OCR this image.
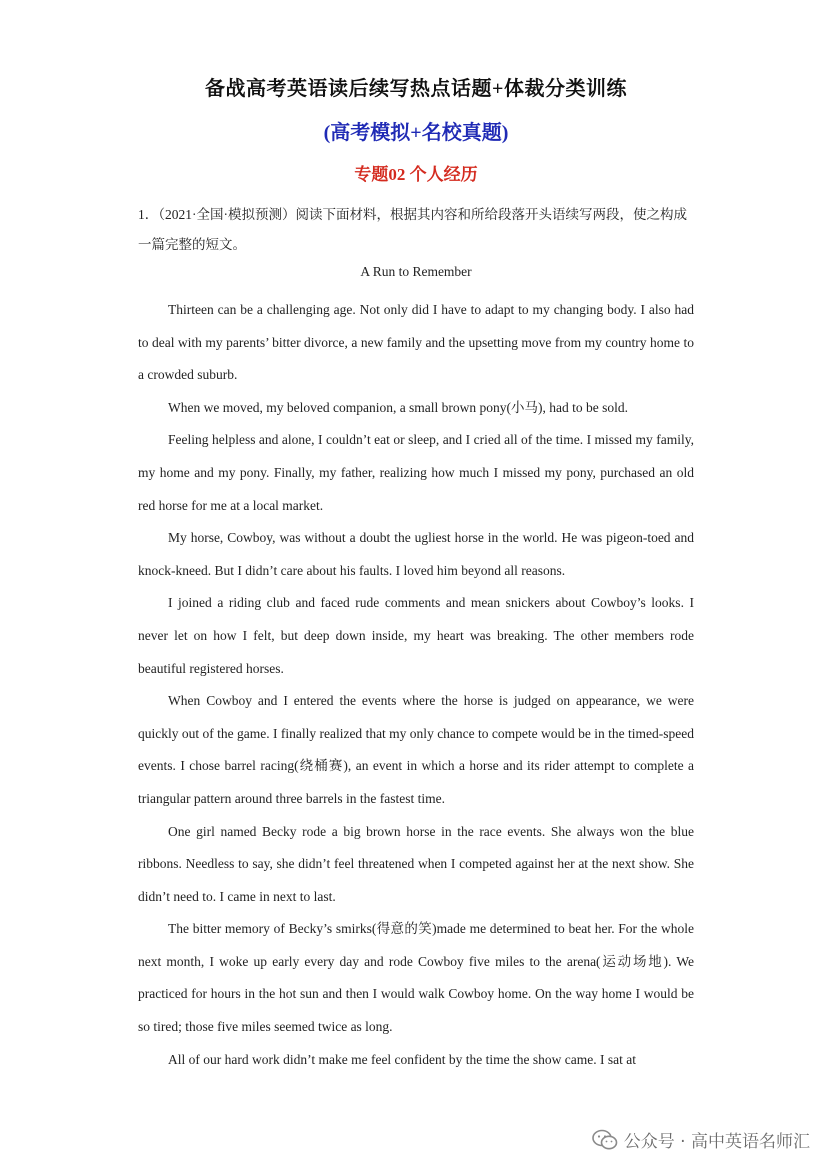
备战高考英语读后续写热点话题+体裁分类训练
(高考模拟+名校真题)
专题02 个人经历
1．（2021·全国·模拟预测）阅读下面材料，根据其内容和所给段落开头语续写两段，使之构成一篇完整的短文。
A Run to Remember

Thirteen can be a challenging age. Not only did I have to adapt to my changing body. I also had to deal with my parents’ bitter divorce, a new family and the upsetting move from my country home to a crowded suburb.

When we moved, my beloved companion, a small brown pony(小马), had to be sold.

Feeling helpless and alone, I couldn’t eat or sleep, and I cried all of the time. I missed my family, my home and my pony. Finally, my father, realizing how much I missed my pony, purchased an old red horse for me at a local market.

My horse, Cowboy, was without a doubt the ugliest horse in the world. He was pigeon-toed and knock-kneed. But I didn’t care about his faults. I loved him beyond all reasons.

I joined a riding club and faced rude comments and mean snickers about Cowboy’s looks. I never let on how I felt, but deep down inside, my heart was breaking. The other members rode beautiful registered horses.

When Cowboy and I entered the events where the horse is judged on appearance, we were quickly out of the game. I finally realized that my only chance to compete would be in the timed-speed events. I chose barrel racing(绕桶赛), an event in which a horse and its rider attempt to complete a triangular pattern around three barrels in the fastest time.

One girl named Becky rode a big brown horse in the race events. She always won the blue ribbons. Needless to say, she didn’t feel threatened when I competed against her at the next show. She didn’t need to. I came in next to last.

The bitter memory of Becky’s smirks(得意的笑)made me determined to beat her. For the whole next month, I woke up early every day and rode Cowboy five miles to the arena(运动场地). We practiced for hours in the hot sun and then I would walk Cowboy home. On the way home I would be so tired; those five miles seemed twice as long.

All of our hard work didn’t make me feel confident by the time the show came. I sat at

公众号 · 高中英语名师汇
